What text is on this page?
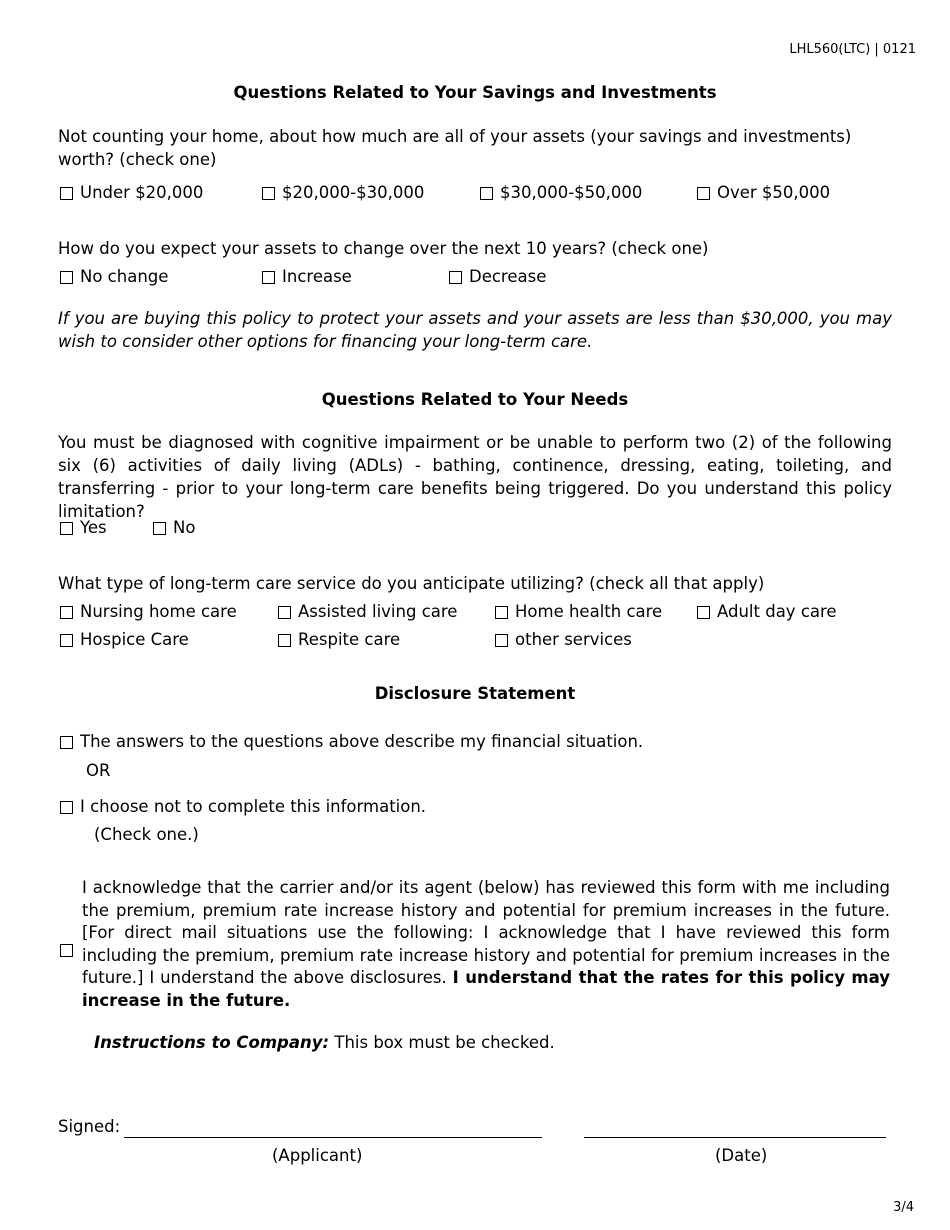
LHL560(LTC) | 0121
Questions Related to Your Savings and Investments
Not counting your home, about how much are all of your assets (your savings and investments) worth? (check one)
Under $20,000	$20,000-$30,000	$30,000-$50,000	Over $50,000
How do you expect your assets to change over the next 10 years? (check one)
No change	Increase	Decrease
If you are buying this policy to protect your assets and your assets are less than $30,000, you may wish to consider other options for financing your long-term care.
Questions Related to Your Needs
You must be diagnosed with cognitive impairment or be unable to perform two (2) of the following six (6) activities of daily living (ADLs) - bathing, continence, dressing, eating, toileting, and transferring - prior to your long-term care benefits being triggered. Do you understand this policy limitation?
Yes	No
What type of long-term care service do you anticipate utilizing? (check all that apply)
Nursing home care	Assisted living care	Home health care	Adult day care
Hospice Care	Respite care	other services
Disclosure Statement
The answers to the questions above describe my financial situation.
OR
I choose not to complete this information.
(Check one.)
I acknowledge that the carrier and/or its agent (below) has reviewed this form with me including the premium, premium rate increase history and potential for premium increases in the future. [For direct mail situations use the following: I acknowledge that I have reviewed this form including the premium, premium rate increase history and potential for premium increases in the future.] I understand the above disclosures. I understand that the rates for this policy may increase in the future.
Instructions to Company: This box must be checked.
Signed:
(Applicant)	(Date)
3/4
